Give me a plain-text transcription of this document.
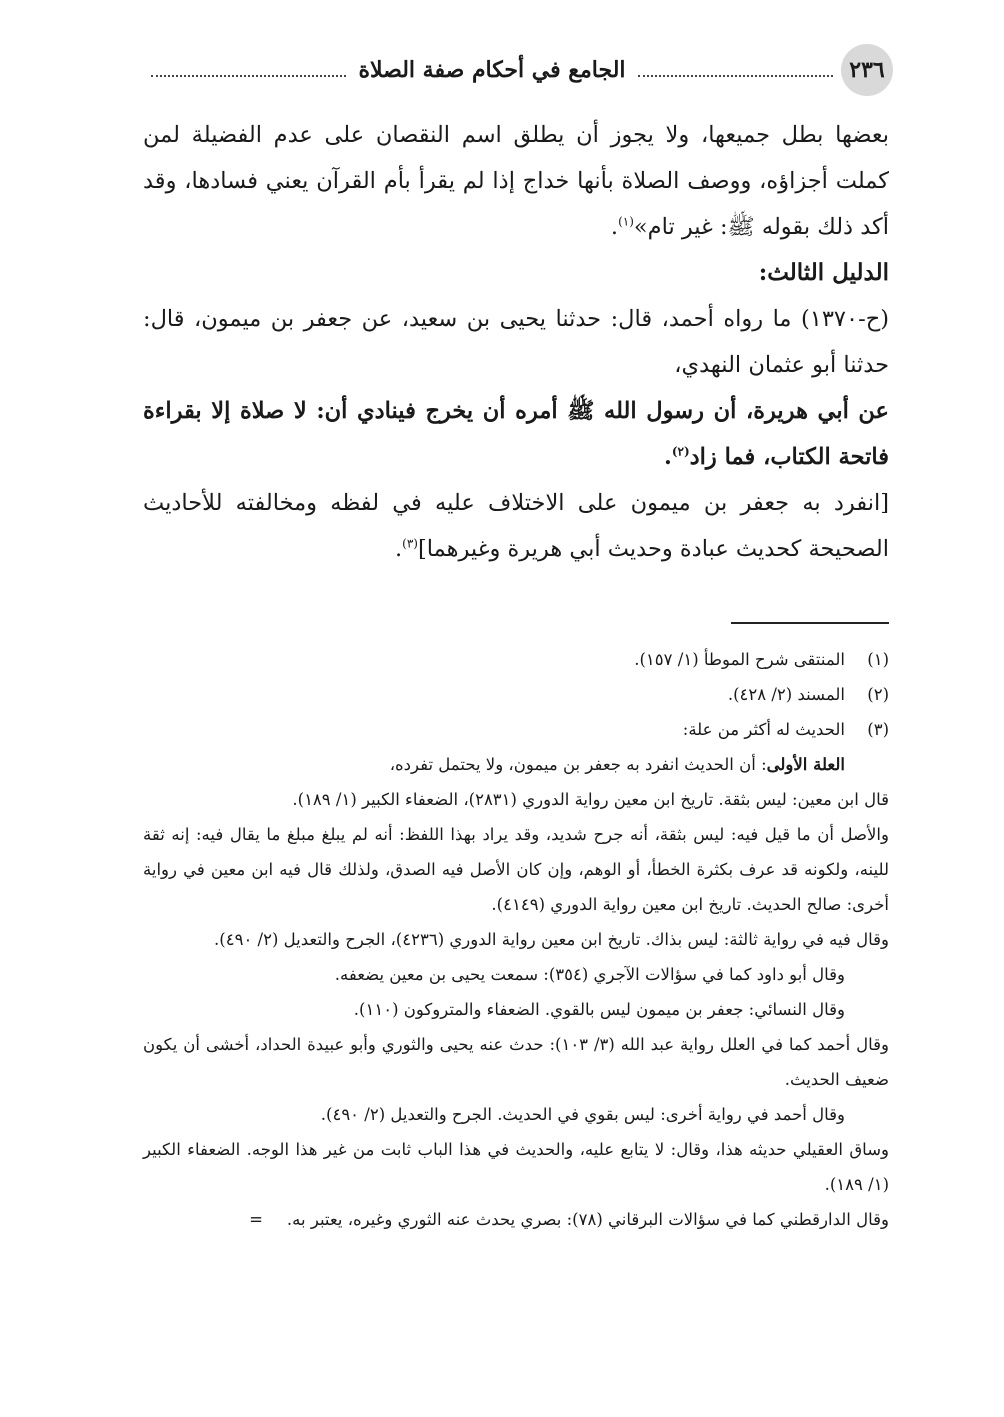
٢٣٦
الجامع في أحكام صفة الصلاة

بعضها بطل جميعها، ولا يجوز أن يطلق اسم النقصان على عدم الفضيلة لمن كملت أجزاؤه، ووصف الصلاة بأنها خداج إذا لم يقرأ بأم القرآن يعني فسادها، وقد أكد ذلك بقوله ﷺ: غير تام»$^{(١)}$.

الدليل الثالث:

(ح-١٣٧٠) ما رواه أحمد، قال: حدثنا يحيى بن سعيد، عن جعفر بن ميمون، قال: حدثنا أبو عثمان النهدي،

عن أبي هريرة، أن رسول الله ﷺ أمره أن يخرج فينادي أن: لا صلاة إلا بقراءة فاتحة الكتاب، فما زاد$^{(٢)}$.

[انفرد به جعفر بن ميمون على الاختلاف عليه في لفظه ومخالفته للأحاديث الصحيحة كحديث عبادة وحديث أبي هريرة وغيرهما]$^{(٣)}$.

(١)
المنتقى شرح الموطأ (١/ ١٥٧).
(٢)
المسند (٢/ ٤٢٨).
(٣)
الحديث له أكثر من علة:
العلة الأولى: أن الحديث انفرد به جعفر بن ميمون، ولا يحتمل تفرده،
قال ابن معين: ليس بثقة. تاريخ ابن معين رواية الدوري (٢٨٣١)، الضعفاء الكبير (١/ ١٨٩).
والأصل أن ما قيل فيه: ليس بثقة، أنه جرح شديد، وقد يراد بهذا اللفظ: أنه لم يبلغ مبلغ ما يقال فيه: إنه ثقة للينه، ولكونه قد عرف بكثرة الخطأ، أو الوهم، وإن كان الأصل فيه الصدق، ولذلك قال فيه ابن معين في رواية أخرى: صالح الحديث. تاريخ ابن معين رواية الدوري (٤١٤٩).
وقال فيه في رواية ثالثة: ليس بذاك. تاريخ ابن معين رواية الدوري (٤٢٣٦)، الجرح والتعديل (٢/ ٤٩٠).
وقال أبو داود كما في سؤالات الآجري (٣٥٤): سمعت يحيى بن معين يضعفه.
وقال النسائي: جعفر بن ميمون ليس بالقوي. الضعفاء والمتروكون (١١٠).
وقال أحمد كما في العلل رواية عبد الله (٣/ ١٠٣): حدث عنه يحيى والثوري وأبو عبيدة الحداد، أخشى أن يكون ضعيف الحديث.
وقال أحمد في رواية أخرى: ليس بقوي في الحديث. الجرح والتعديل (٢/ ٤٩٠).
وساق العقيلي حديثه هذا، وقال: لا يتابع عليه، والحديث في هذا الباب ثابت من غير هذا الوجه. الضعفاء الكبير (١/ ١٨٩).
وقال الدارقطني كما في سؤالات البرقاني (٧٨): بصري يحدث عنه الثوري وغيره، يعتبر به.=
